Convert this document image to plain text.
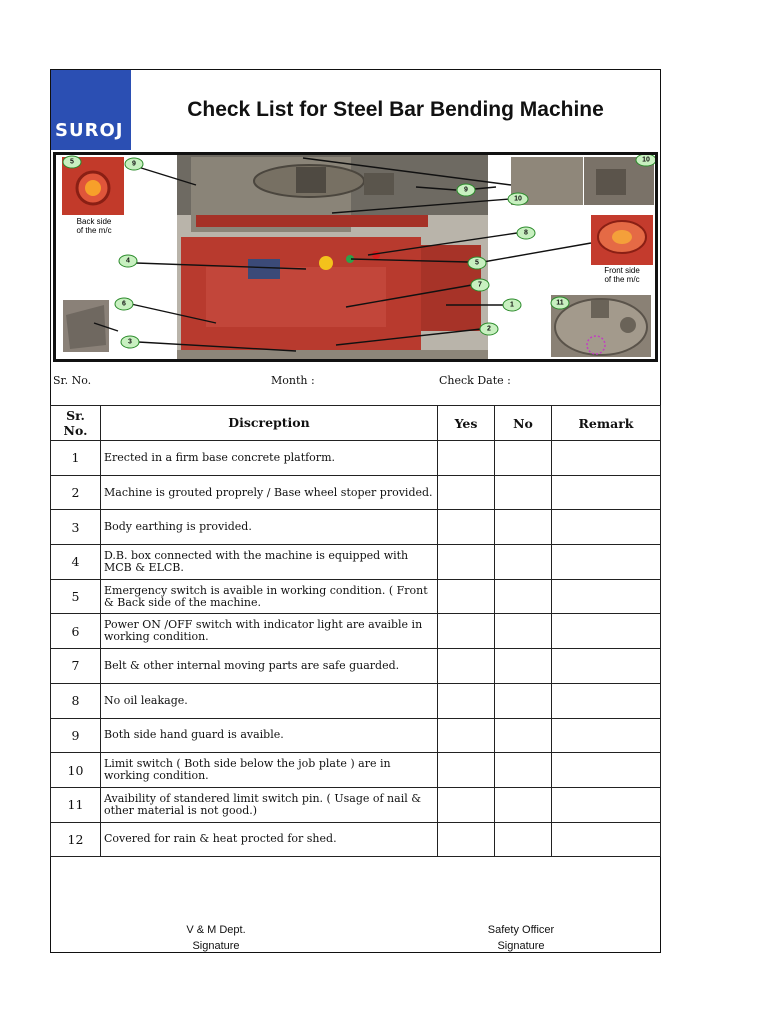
SUROJ
Check List for Steel Bar Bending Machine
Back side
of the m/c
Front side
of the m/c
5	9
9
10
10
8
4	5
7
6	1	11
2
3
Sr. No.	Month :	Check Date :
Sr. No.	Discreption	Yes	No	Remark
1	Erected in a firm base concrete platform.			
2	Machine is grouted proprely / Base wheel stoper provided.			
3	Body earthing is provided.			
4	D.B. box connected with the machine is equipped with MCB & ELCB.			
5	Emergency switch is avaible in working condition. ( Front & Back side of the machine.			
6	Power ON /OFF switch with indicator light are avaible in working condition.			
7	Belt & other internal moving parts are safe guarded.			
8	No oil leakage.			
9	Both side hand guard is avaible.			
10	Limit switch ( Both side below the job plate ) are in working condition.			
11	Avaibility of standered limit switch pin. ( Usage of nail & other material is not good.)			
12	Covered for rain & heat procted for shed.			
V & M Dept.
Signature
Safety Officer
Signature
